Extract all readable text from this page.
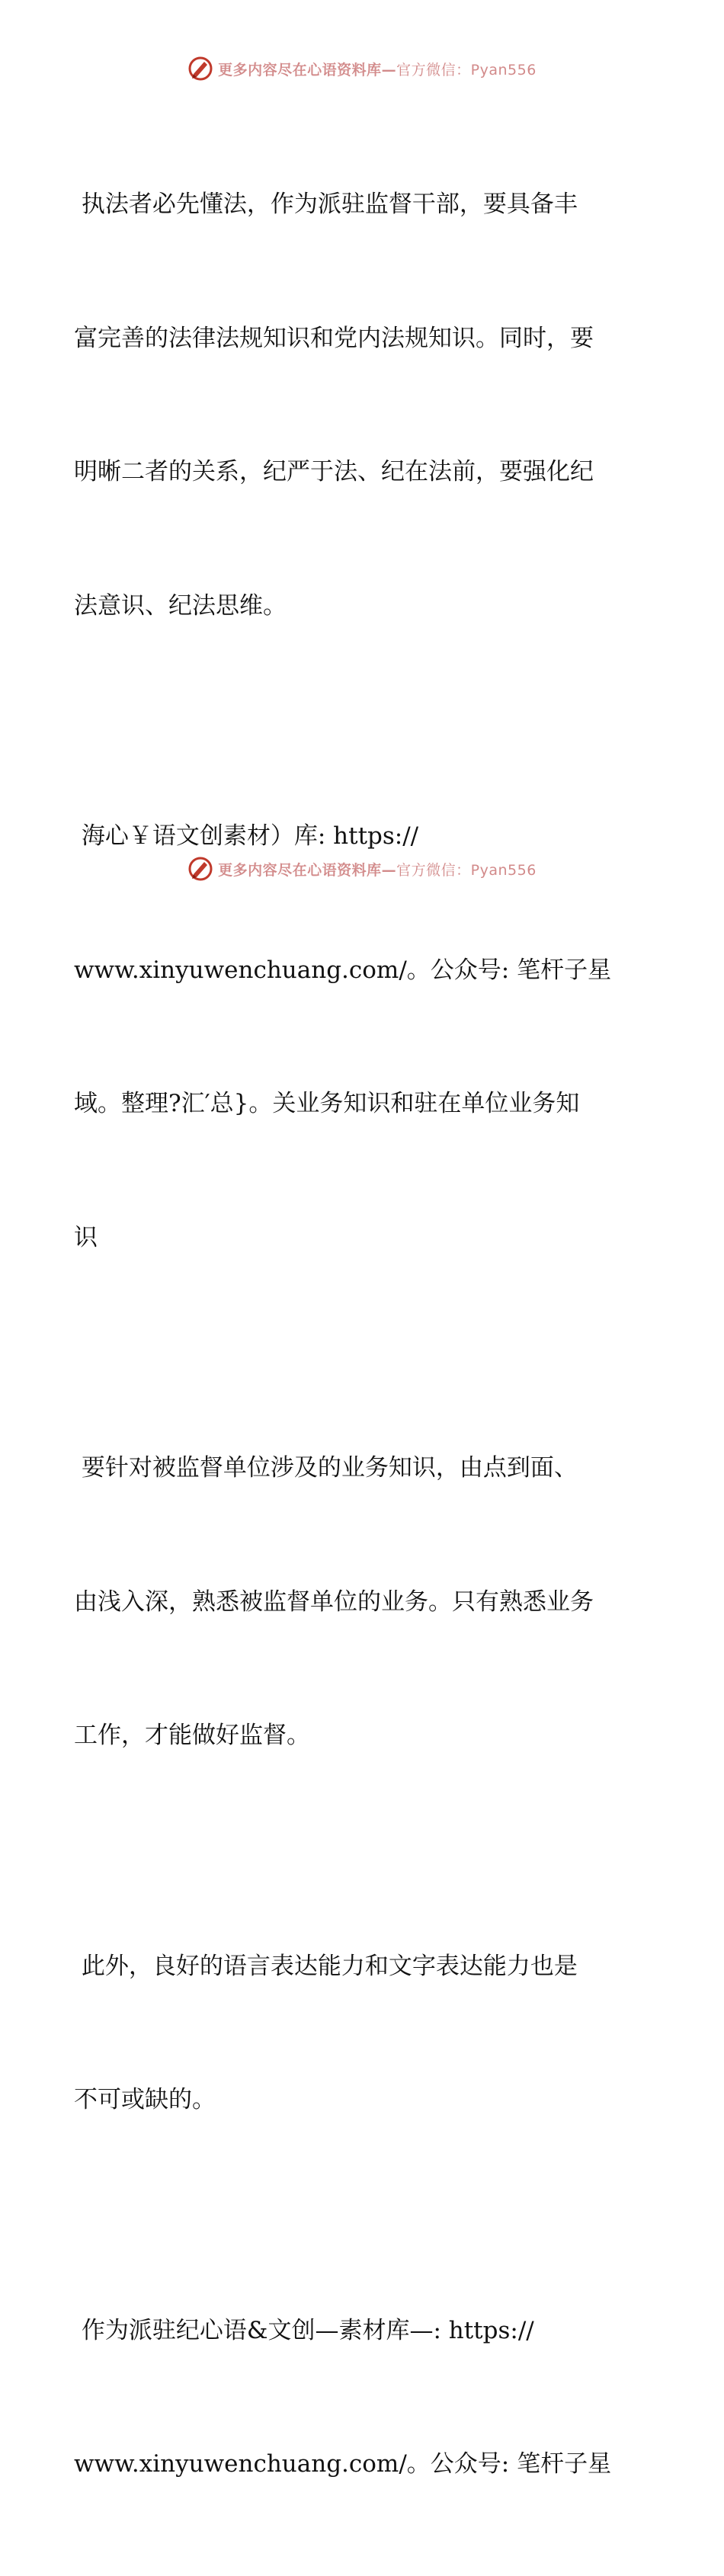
更多内容尽在心语资料库—官方微信：Pyan556

执法者必先懂法，作为派驻监督干部，要具备丰

富完善的法律法规知识和党内法规知识。同时，要

明晰二者的关系，纪严于法、纪在法前，要强化纪

法意识、纪法思维。

海心￥语文创素材）库: https://

www.xinyuwenchuang.com/。公众号: 笔杆子星

域。整理?汇′总}。关业务知识和驻在单位业务知

识

要针对被监督单位涉及的业务知识，由点到面、

由浅入深，熟悉被监督单位的业务。只有熟悉业务

工作，才能做好监督。

此外，良好的语言表达能力和文字表达能力也是

不可或缺的。

作为派驻纪心语&文创—素材库—: https://

www.xinyuwenchuang.com/。公众号: 笔杆子星

更多内容尽在心语资料库—官方微信：Pyan556
